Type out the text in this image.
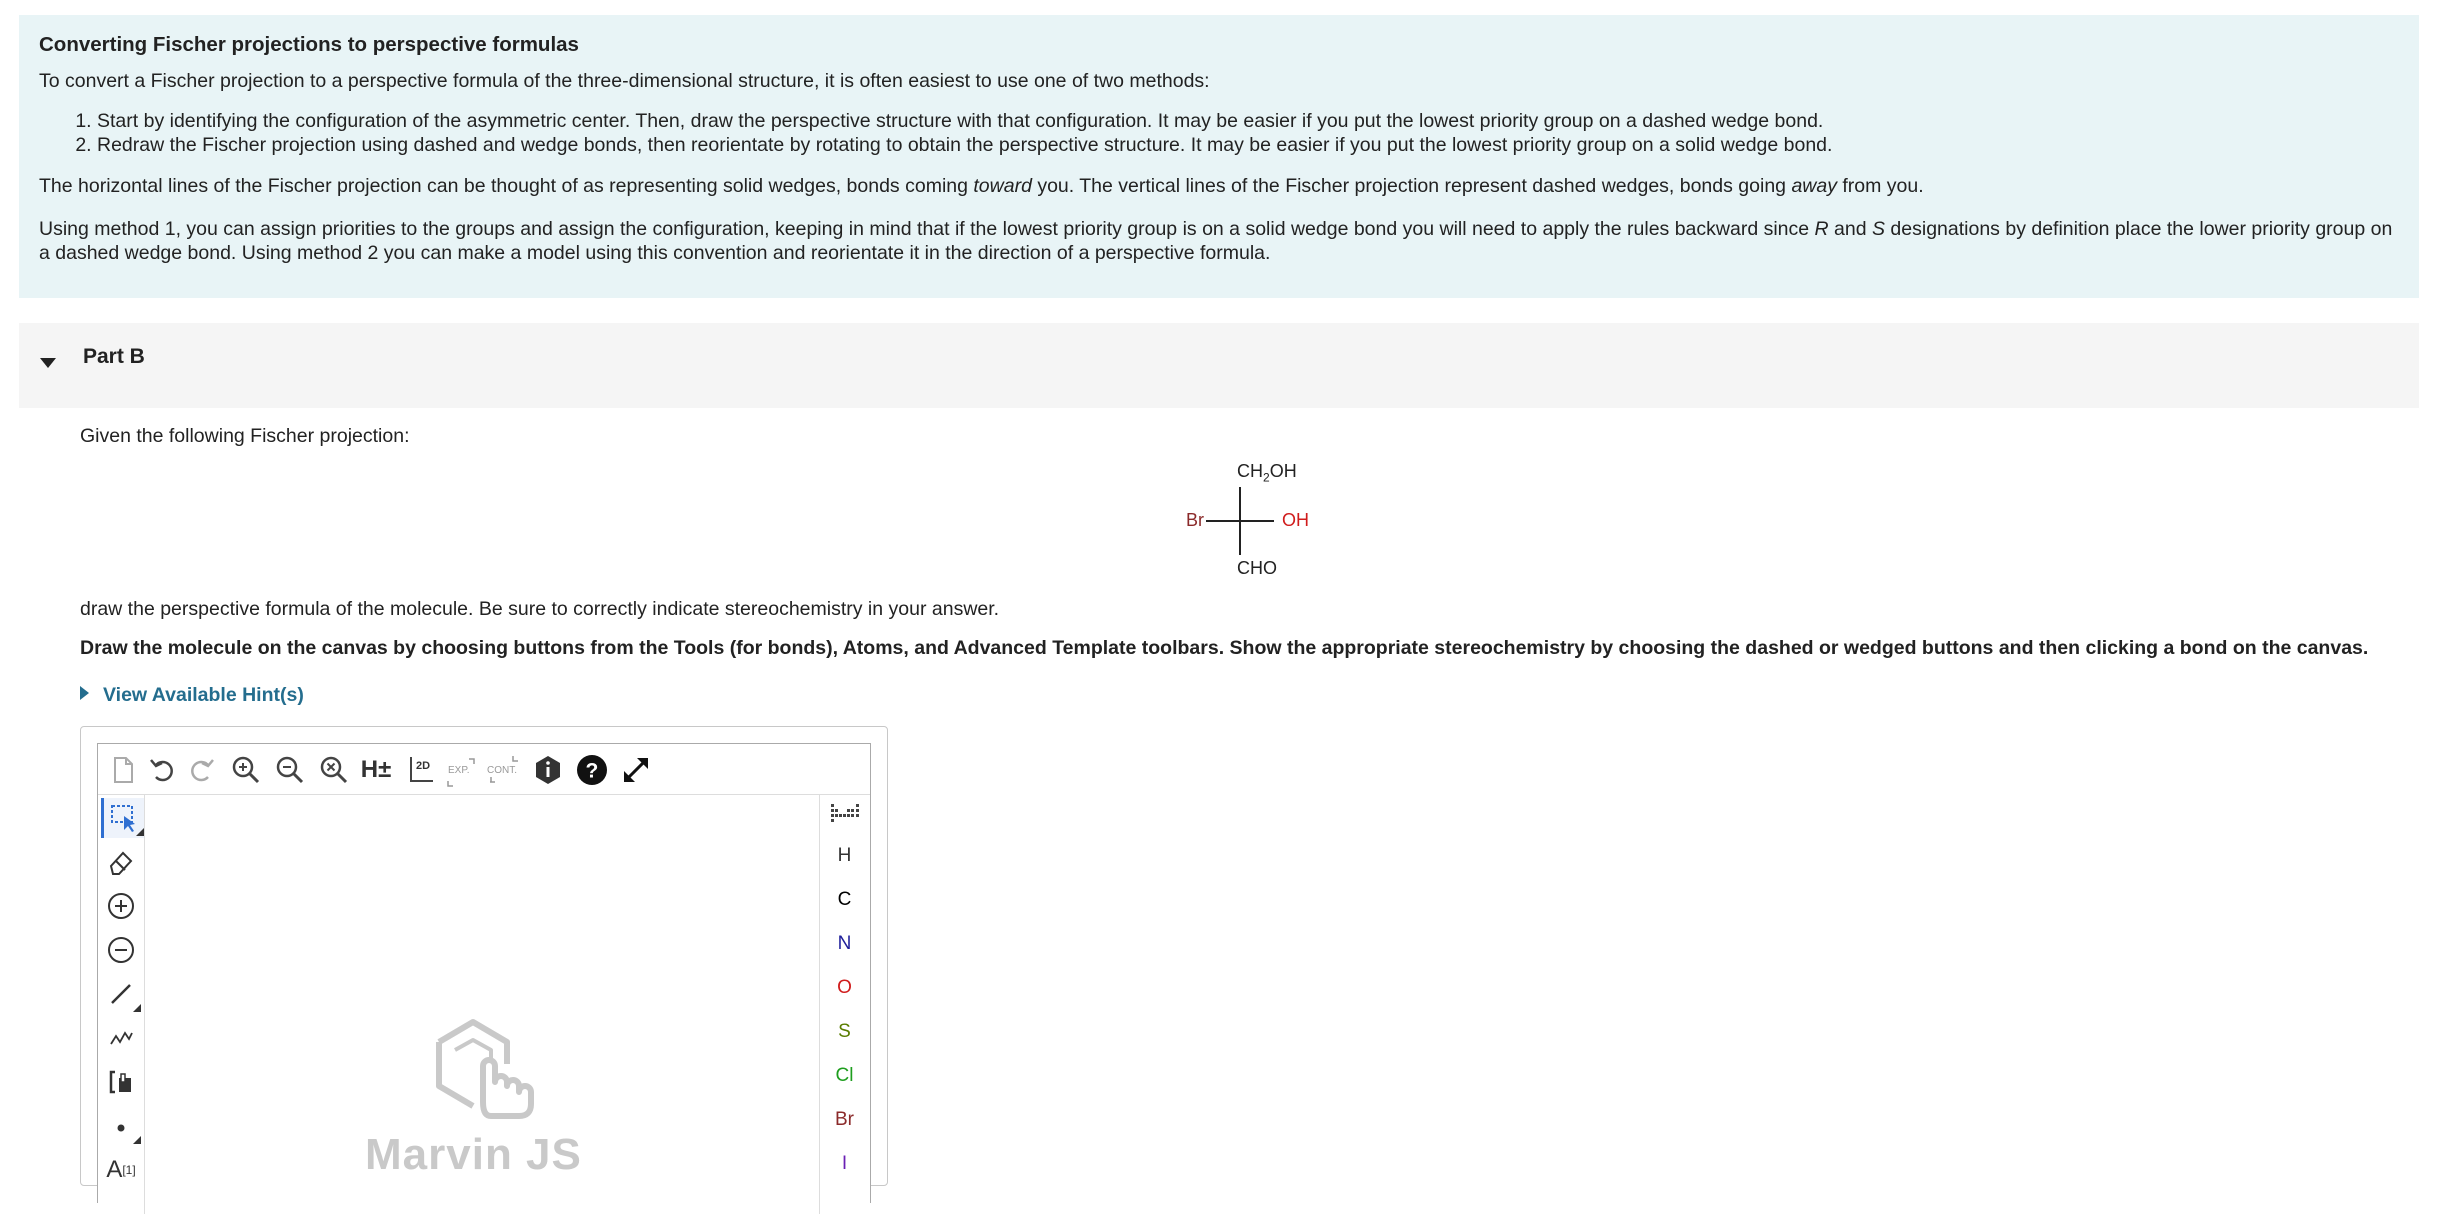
Converting Fischer projections to perspective formulas

To convert a Fischer projection to a perspective formula of the three-dimensional structure, it is often easiest to use one of two methods:

1. Start by identifying the configuration of the asymmetric center. Then, draw the perspective structure with that configuration. It may be easier if you put the lowest priority group on a dashed wedge bond.
2. Redraw the Fischer projection using dashed and wedge bonds, then reorientate by rotating to obtain the perspective structure. It may be easier if you put the lowest priority group on a solid wedge bond.

The horizontal lines of the Fischer projection can be thought of as representing solid wedges, bonds coming toward you. The vertical lines of the Fischer projection represent dashed wedges, bonds going away from you.

Using method 1, you can assign priorities to the groups and assign the configuration, keeping in mind that if the lowest priority group is on a solid wedge bond you will need to apply the rules backward since R and S designations by definition place the lower priority group on a dashed wedge bond. Using method 2 you can make a model using this convention and reorientate it in the direction of a perspective formula.

Part B
Given the following Fischer projection:
$CH_2OH$
Br	OH
CHO
draw the perspective formula of the molecule. Be sure to correctly indicate stereochemistry in your answer.
Draw the molecule on the canvas by choosing buttons from the Tools (for bonds), Atoms, and Advanced Template toolbars. Show the appropriate stereochemistry by choosing the dashed or wedged buttons and then clicking a bond on the canvas.
View Available Hint(s)
H± 2D EXP. CONT.	?
A [1]	Marvin JS
H
C
N
O
S
Cl
Br
I
